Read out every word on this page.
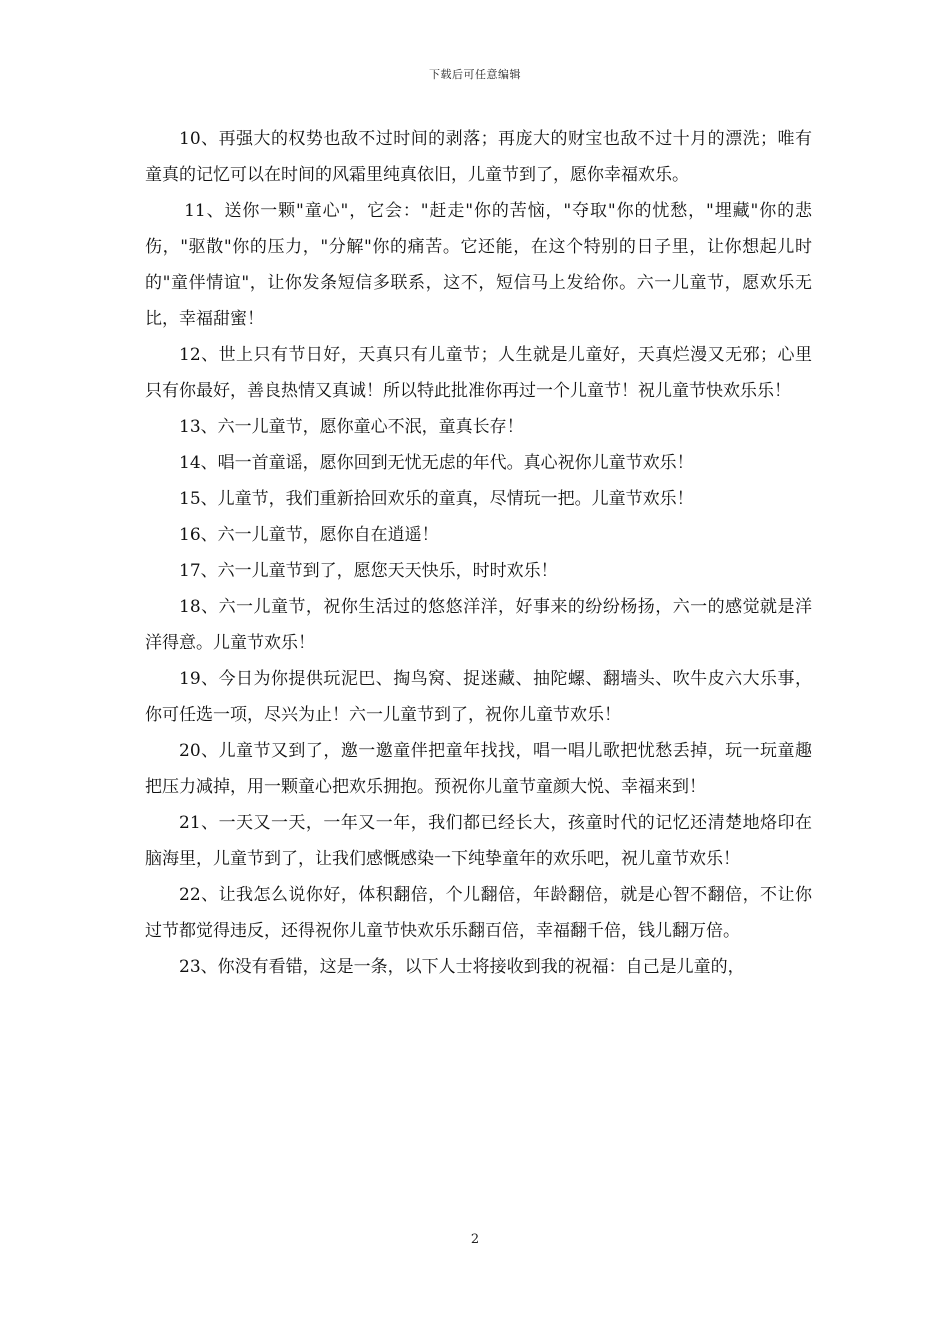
下载后可任意编辑

10、再强大的权势也敌不过时间的剥落；再庞大的财宝也敌不过十月的漂洗；唯有童真的记忆可以在时间的风霜里纯真依旧，儿童节到了，愿你幸福欢乐。

11、送你一颗"童心"，它会："赶走"你的苦恼，"夺取"你的忧愁，"埋藏"你的悲伤，"驱散"你的压力，"分解"你的痛苦。它还能，在这个特别的日子里，让你想起儿时的"童伴情谊"，让你发条短信多联系，这不，短信马上发给你。六一儿童节，愿欢乐无比，幸福甜蜜！

12、世上只有节日好，天真只有儿童节；人生就是儿童好，天真烂漫又无邪；心里只有你最好，善良热情又真诚！所以特此批准你再过一个儿童节！祝儿童节快欢乐乐！

13、六一儿童节，愿你童心不泯，童真长存！

14、唱一首童谣，愿你回到无忧无虑的年代。真心祝你儿童节欢乐！

15、儿童节，我们重新拾回欢乐的童真，尽情玩一把。儿童节欢乐！

16、六一儿童节，愿你自在逍遥！

17、六一儿童节到了，愿您天天快乐，时时欢乐！

18、六一儿童节，祝你生活过的悠悠洋洋，好事来的纷纷杨扬，六一的感觉就是洋洋得意。儿童节欢乐！

19、今日为你提供玩泥巴、掏鸟窝、捉迷藏、抽陀螺、翻墙头、吹牛皮六大乐事，你可任选一项，尽兴为止！六一儿童节到了，祝你儿童节欢乐！

20、儿童节又到了，邀一邀童伴把童年找找，唱一唱儿歌把忧愁丢掉，玩一玩童趣把压力减掉，用一颗童心把欢乐拥抱。预祝你儿童节童颜大悦、幸福来到！

21、一天又一天，一年又一年，我们都已经长大，孩童时代的记忆还清楚地烙印在脑海里，儿童节到了，让我们感慨感染一下纯挚童年的欢乐吧，祝儿童节欢乐！

22、让我怎么说你好，体积翻倍，个儿翻倍，年龄翻倍，就是心智不翻倍，不让你过节都觉得违反，还得祝你儿童节快欢乐乐翻百倍，幸福翻千倍，钱儿翻万倍。

23、你没有看错，这是一条，以下人士将接收到我的祝福：自己是儿童的，

2
